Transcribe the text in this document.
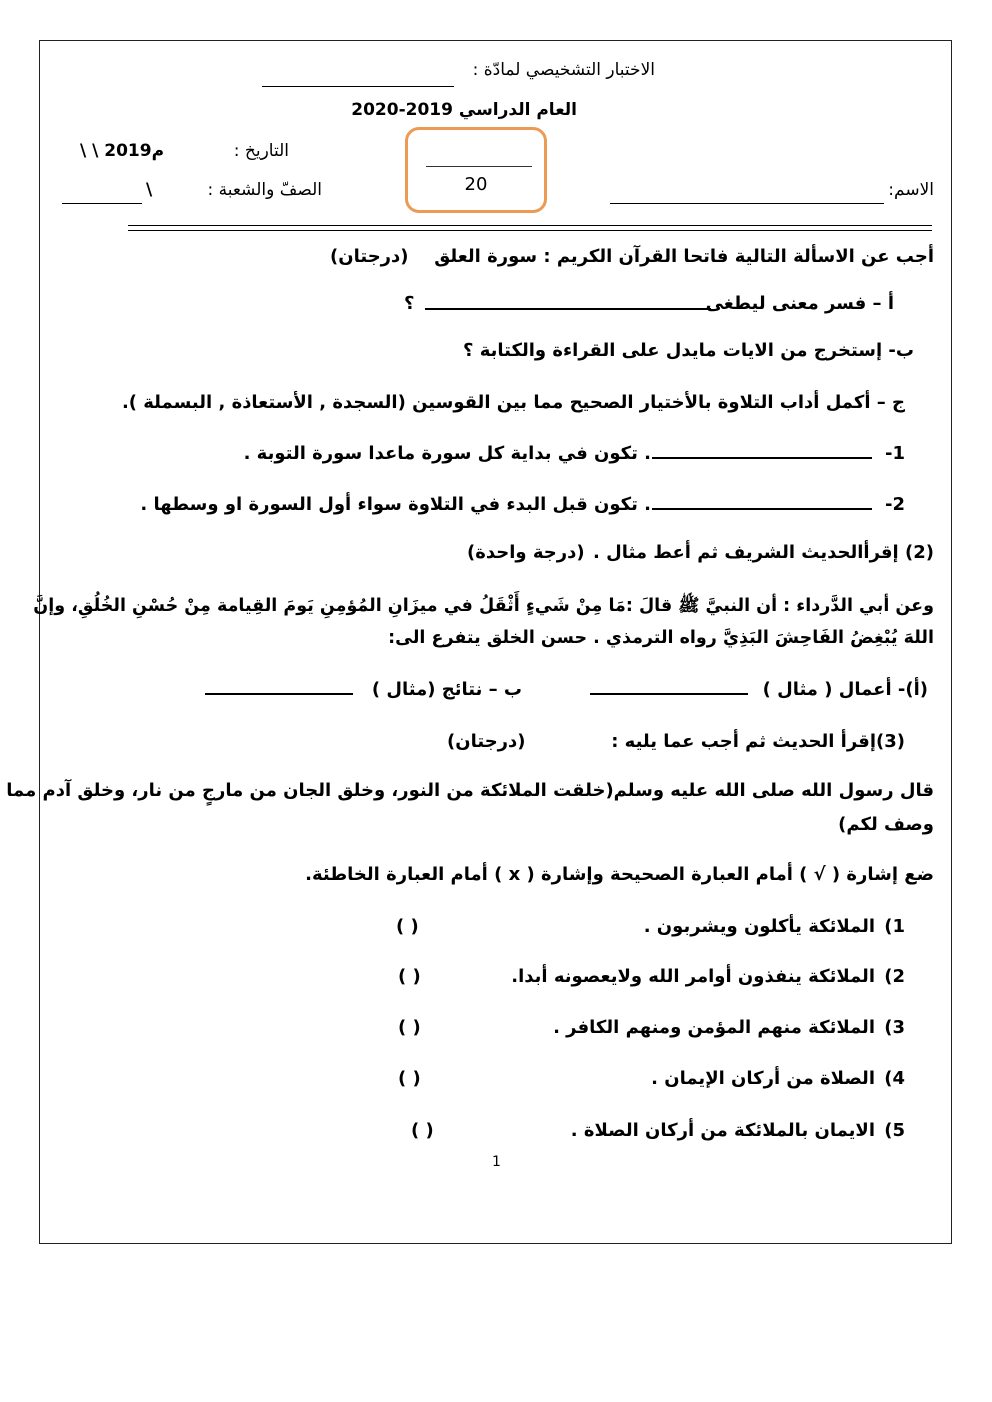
الاختبار التشخيصي لمادّة :
العام الدراسي 2019-2020
التاريخ :
\ \ 2019م
الصفّ والشعبة :
\	الاسم:
20
أجب عن الاسألة التالية فاتحا القرآن الكريم : سورة العلق
(درجتان)
أ – فسر معنى ليطغى
؟
ب- إستخرج من الايات مايدل على القراءة والكتابة ؟
ج – أكمل أداب التلاوة بالأختيار الصحيح مما بين القوسين (السجدة , الأستعاذة , البسملة ).
1-
. تكون في بداية كل سورة ماعدا سورة التوبة .
2-
. تكون قبل البدء في التلاوة سواء أول السورة او وسطها .
(2) إقرأالحديث الشريف ثم أعط مثال .
(درجة واحدة)
وعن أبي الدَّرداء : أن النبيَّ ﷺ قالَ :مَا مِنْ شَيءٍ أَثْقَلُ في ميزَانِ المُؤمِنِ يَومَ القِيامة مِنْ حُسْنِ الخُلُقِ، وإنَّ
اللهَ يُبْغِضُ الفَاحِشَ البَذِيَّ رواه الترمذي . حسن الخلق يتفرع الى:
(أ)- أعمال ( مثال )
ب – نتائج (مثال )
(3)إقرأ الحديث ثم أجب عما يليه :
(درجتان)
قال رسول الله صلى الله عليه وسلم(خلقت الملائكة من النور، وخلق الجان من مارجٍ من نار، وخلق آدم مما
وصف لكم)
ضع إشارة ( √ ) أمام العبارة الصحيحة وإشارة ( x ) أمام العبارة الخاطئة.
1)
الملائكة يأكلون ويشربون .
( )
2)
الملائكة ينفذون أوامر الله ولايعصونه أبدا.
( )
3)
الملائكة منهم المؤمن ومنهم الكافر .
( )
4)
الصلاة من أركان الإيمان .
( )
5)
الايمان بالملائكة من أركان الصلاة .
( )
1
